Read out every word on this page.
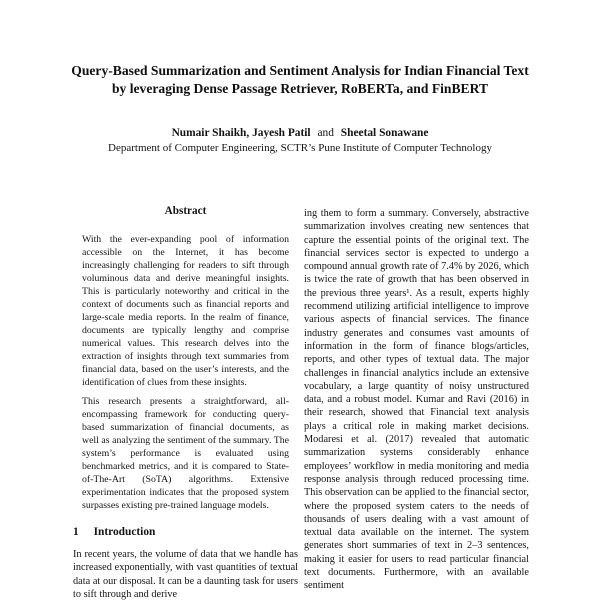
Query-Based Summarization and Sentiment Analysis for Indian Financial Text by leveraging Dense Passage Retriever, RoBERTa, and FinBERT
Numair Shaikh, Jayesh Patil and Sheetal Sonawane
Department of Computer Engineering, SCTR’s Pune Institute of Computer Technology
Abstract

With the ever-expanding pool of information accessible on the Internet, it has become increasingly challenging for readers to sift through voluminous data and derive meaningful insights. This is particularly noteworthy and critical in the context of documents such as financial reports and large-scale media reports. In the realm of finance, documents are typically lengthy and comprise numerical values. This research delves into the extraction of insights through text summaries from financial data, based on the user’s interests, and the identification of clues from these insights.

This research presents a straightforward, all-encompassing framework for conducting query-based summarization of financial documents, as well as analyzing the sentiment of the summary. The system’s performance is evaluated using benchmarked metrics, and it is compared to State-of-The-Art (SoTA) algorithms. Extensive experimentation indicates that the proposed system surpasses existing pre-trained language models.

1 Introduction

In recent years, the volume of data that we handle has increased exponentially, with vast quantities of textual data at our disposal. It can be a daunting task for users to sift through and derive

ing them to form a summary. Conversely, abstractive summarization involves creating new sentences that capture the essential points of the original text. The financial services sector is expected to undergo a compound annual growth rate of 7.4% by 2026, which is twice the rate of growth that has been observed in the previous three years¹. As a result, experts highly recommend utilizing artificial intelligence to improve various aspects of financial services. The finance industry generates and consumes vast amounts of information in the form of finance blogs/articles, reports, and other types of textual data. The major challenges in financial analytics include an extensive vocabulary, a large quantity of noisy unstructured data, and a robust model. Kumar and Ravi (2016) in their research, showed that Financial text analysis plays a critical role in making market decisions. Modaresi et al. (2017) revealed that automatic summarization systems considerably enhance employees’ workflow in media monitoring and media response analysis through reduced processing time. This observation can be applied to the financial sector, where the proposed system caters to the needs of thousands of users dealing with a vast amount of textual data available on the internet. The system generates short summaries of text in 2–3 sentences, making it easier for users to read particular financial text documents. Furthermore, with an available sentiment
